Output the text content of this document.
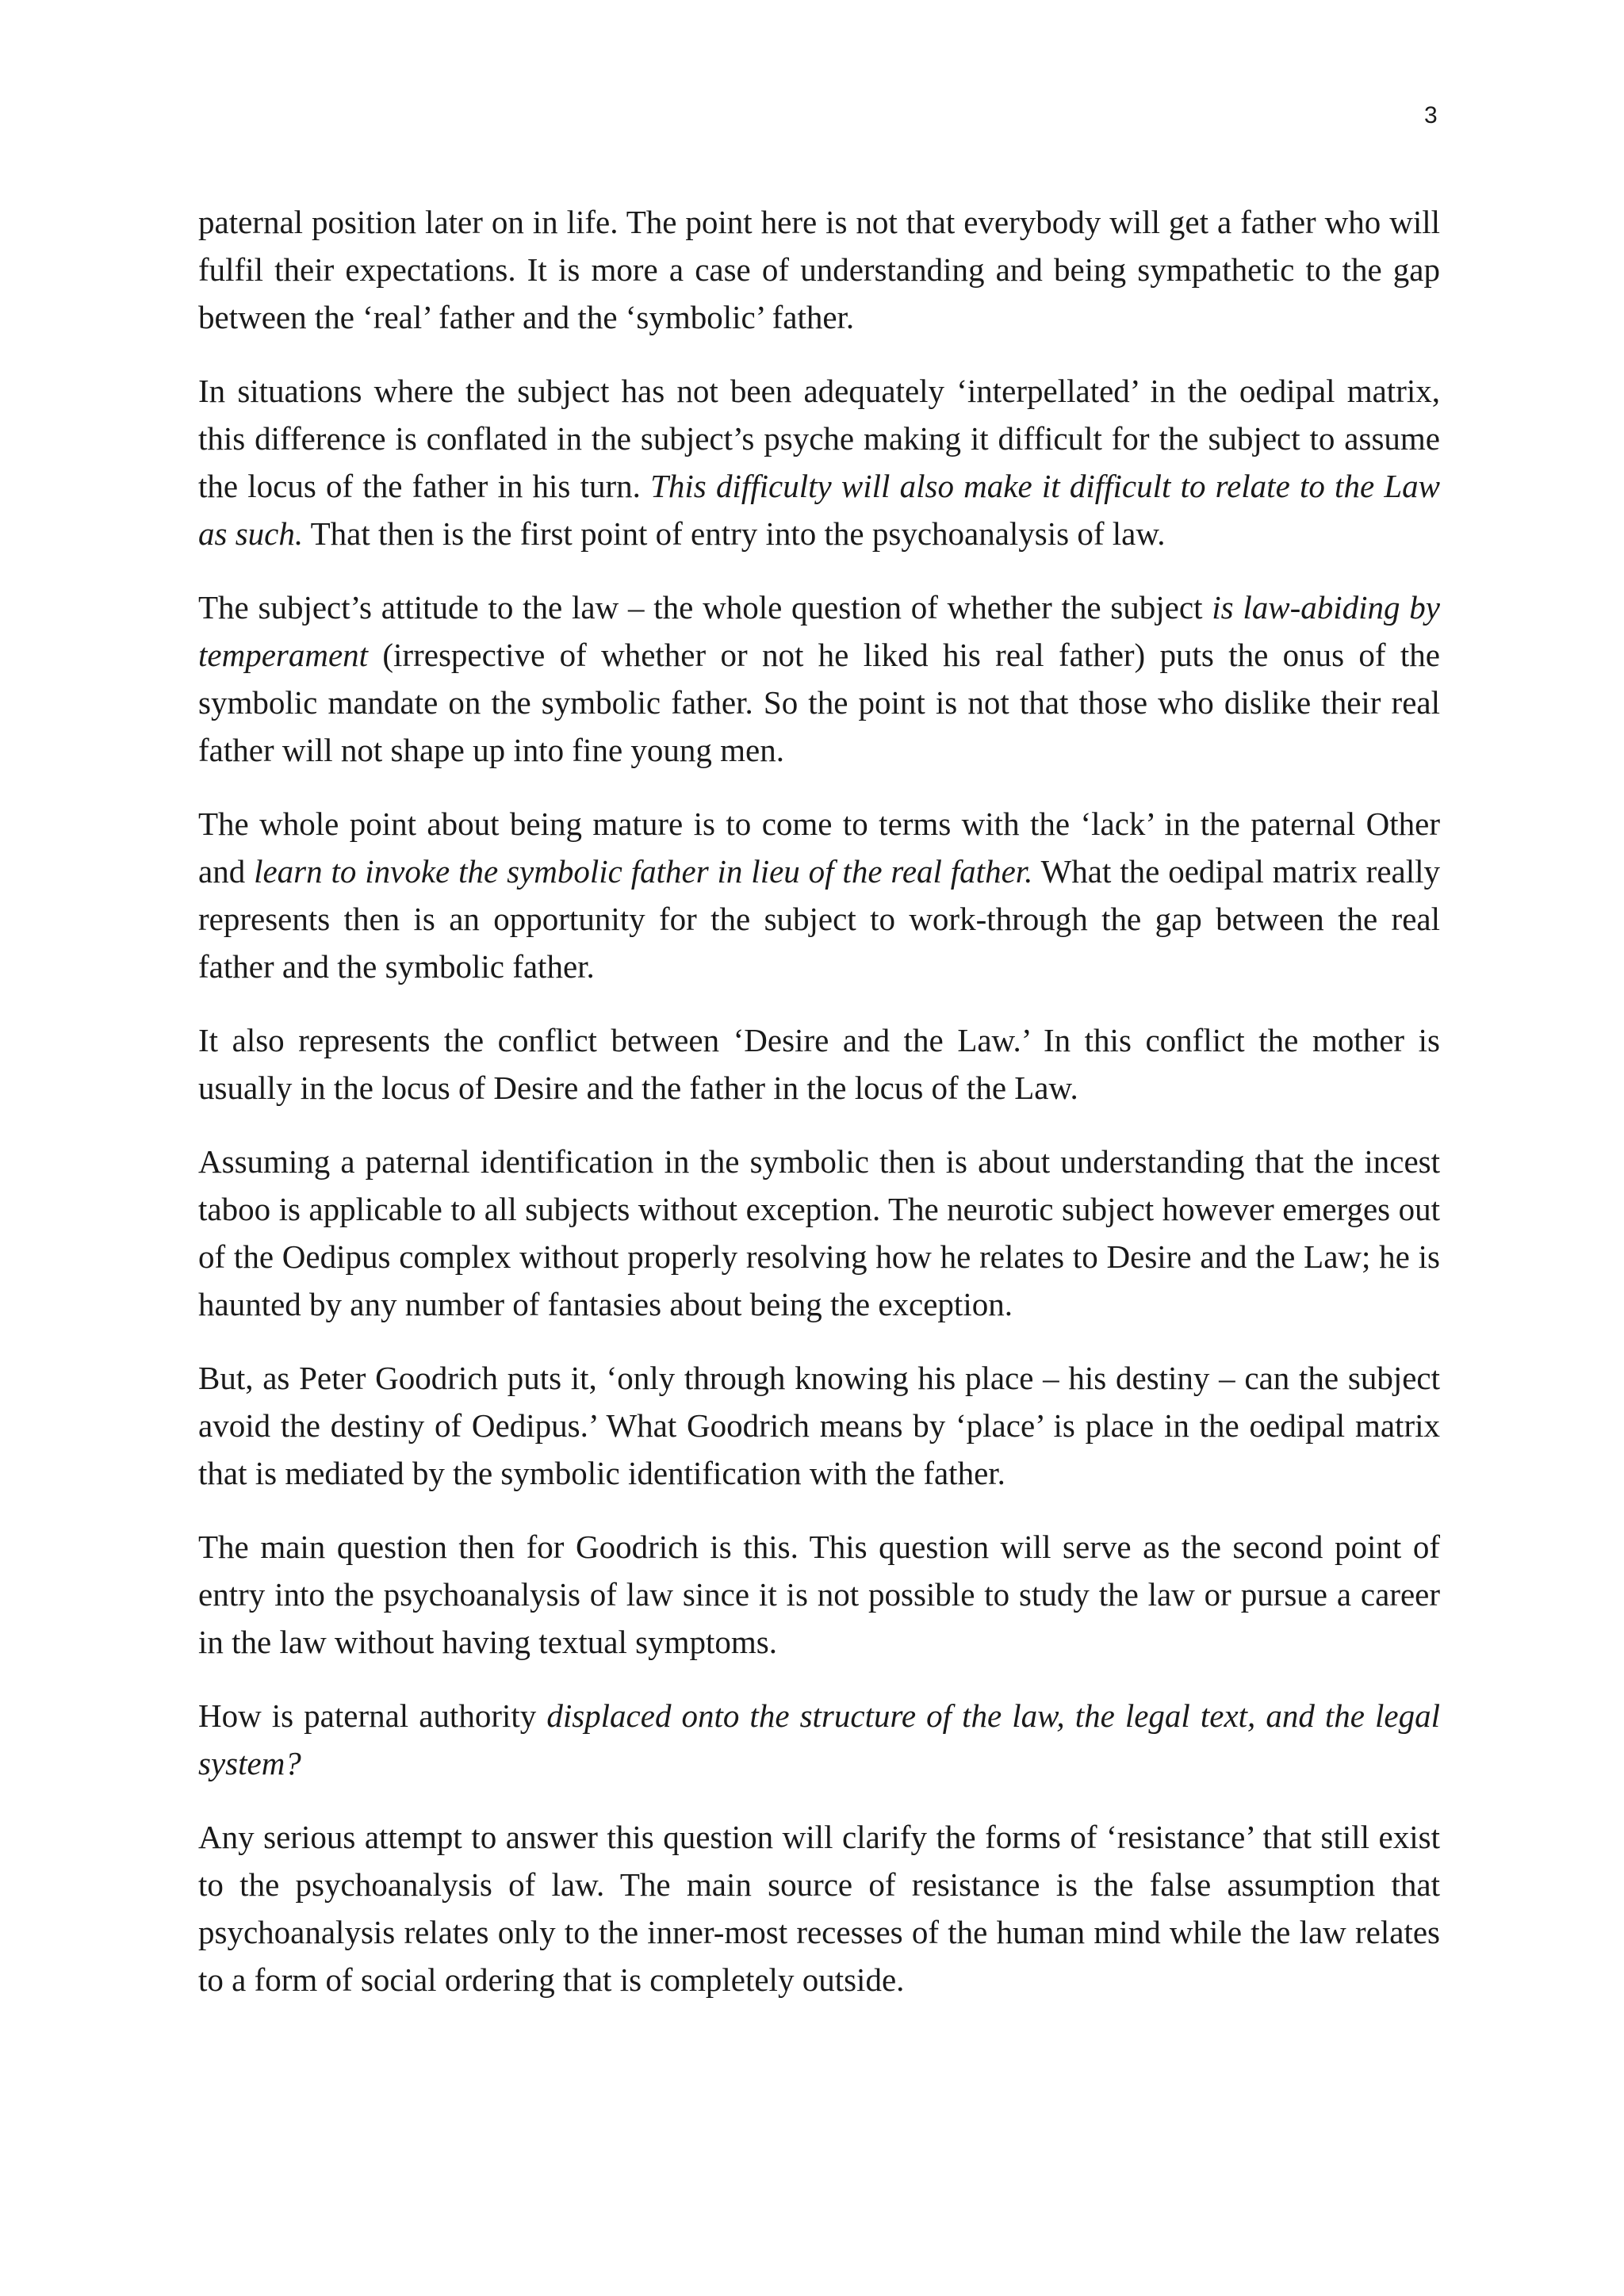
3

paternal position later on in life. The point here is not that everybody will get a father who will fulfil their expectations. It is more a case of understanding and being sympathetic to the gap between the ‘real’ father and the ‘symbolic’ father.

In situations where the subject has not been adequately ‘interpellated’ in the oedipal matrix, this difference is conflated in the subject’s psyche making it difficult for the subject to assume the locus of the father in his turn. This difficulty will also make it difficult to relate to the Law as such. That then is the first point of entry into the psychoanalysis of law.

The subject’s attitude to the law – the whole question of whether the subject is law-abiding by temperament (irrespective of whether or not he liked his real father) puts the onus of the symbolic mandate on the symbolic father. So the point is not that those who dislike their real father will not shape up into fine young men.

The whole point about being mature is to come to terms with the ‘lack’ in the paternal Other and learn to invoke the symbolic father in lieu of the real father. What the oedipal matrix really represents then is an opportunity for the subject to work-through the gap between the real father and the symbolic father.

It also represents the conflict between ‘Desire and the Law.’ In this conflict the mother is usually in the locus of Desire and the father in the locus of the Law.

Assuming a paternal identification in the symbolic then is about understanding that the incest taboo is applicable to all subjects without exception. The neurotic subject however emerges out of the Oedipus complex without properly resolving how he relates to Desire and the Law; he is haunted by any number of fantasies about being the exception.

But, as Peter Goodrich puts it, ‘only through knowing his place – his destiny – can the subject avoid the destiny of Oedipus.’ What Goodrich means by ‘place’ is place in the oedipal matrix that is mediated by the symbolic identification with the father.

The main question then for Goodrich is this. This question will serve as the second point of entry into the psychoanalysis of law since it is not possible to study the law or pursue a career in the law without having textual symptoms.

How is paternal authority displaced onto the structure of the law, the legal text, and the legal system?

Any serious attempt to answer this question will clarify the forms of ‘resistance’ that still exist to the psychoanalysis of law. The main source of resistance is the false assumption that psychoanalysis relates only to the inner-most recesses of the human mind while the law relates to a form of social ordering that is completely outside.
